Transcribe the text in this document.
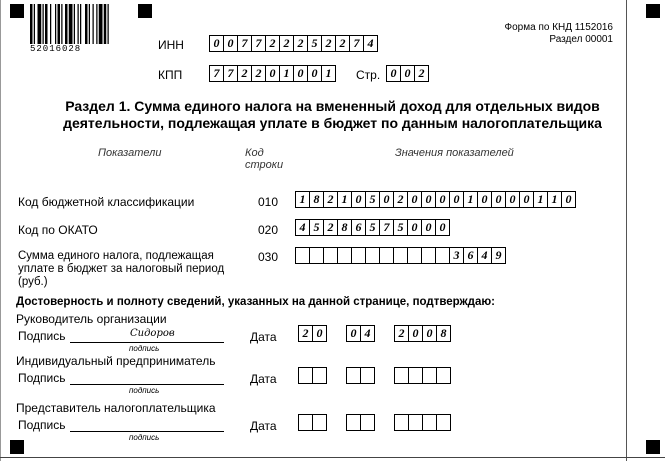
52016028
Форма по КНД 1152016
Раздел 00001
ИНН	0 0 7 7 2 2 2 5 2 2 7 4
КПП	7 7 2 2 0 1 0 0 1	Стр. 0 0 2
Раздел 1. Сумма единого налога на вмененный доход для отдельных видов
деятельности, подлежащая уплате в бюджет по данным налогоплательщика
Показатели	Код
строки
Значения показателей
Код бюджетной классификации	010	1 8 2 1 0 5 0 2 0 0 0 0 1 0 0 0 0 1 1 0
Код по ОКАТО	020	4 5 2 8 6 5 7 5 0 0 0
Сумма единого налога, подлежащая
уплате в бюджет за налоговый период
(руб.)
030	3 6 4 9
Достоверность и полноту сведений, указанных на данной странице, подтверждаю:
Руководитель организации
Подпись	Сидоров
подпись
Дата	2 0	0 4	2 0 0 8
Индивидуальный предприниматель
Подпись
подпись
Дата
Представитель налогоплательщика
Подпись
подпись
Дата
